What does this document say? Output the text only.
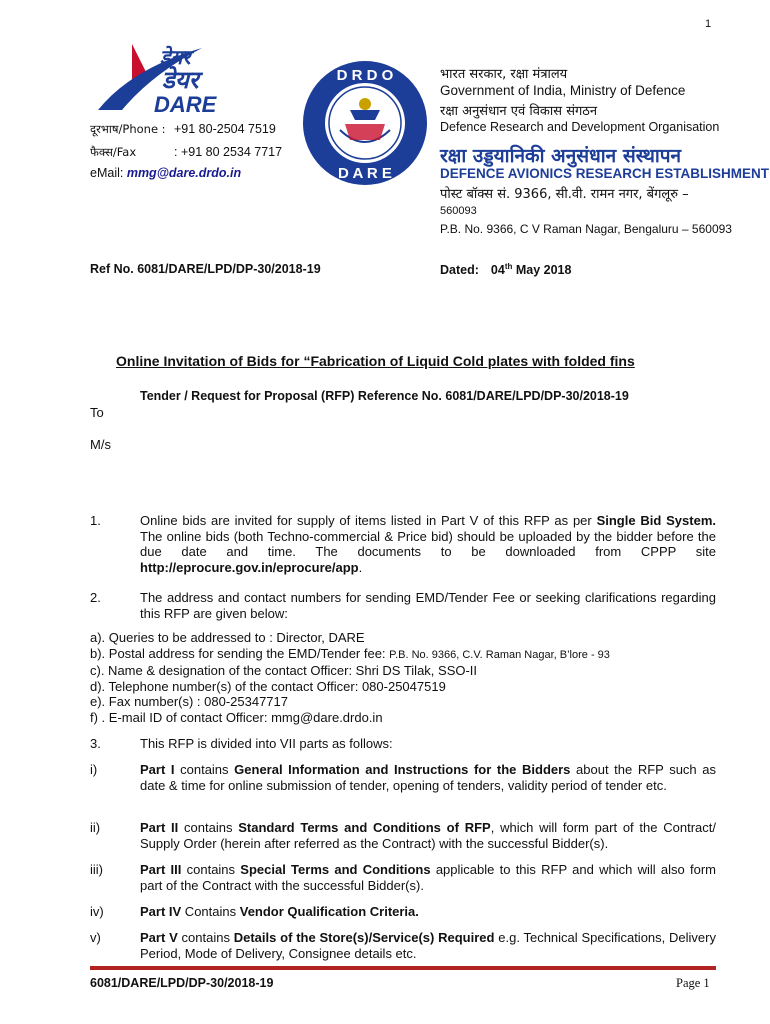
1
डेयर
डेयर
DARE
दूरभाष/Phone : +91 80-2504 7519
फैक्स/Fax	: +91 80 2534 7717
eMail: mmg@dare.drdo.in
D R D O
D A R E
भारत सरकार, रक्षा मंत्रालय
Government of India, Ministry of Defence
रक्षा अनुसंधान एवं विकास संगठन
Defence Research and Development Organisation
रक्षा उड्डयानिकी अनुसंधान संस्थापन
DEFENCE AVIONICS RESEARCH ESTABLISHMENT
पोस्ट बॉक्स सं. 9366, सी.वी. रामन नगर, बेंगलूरु –
560093
P.B. No. 9366, C V Raman Nagar, Bengaluru – 560093
Ref No. 6081/DARE/LPD/DP-30/2018-19	Dated: 04th May 2018
Online Invitation of Bids for “Fabrication of Liquid Cold plates with folded fins
Tender / Request for Proposal (RFP) Reference No. 6081/DARE/LPD/DP-30/2018-19
To
M/s
1.	Online bids are invited for supply of items listed in Part V of this RFP as per Single Bid System. The online bids (both Techno-commercial & Price bid) should be uploaded by the bidder before the due date and time. The documents to be downloaded from CPPP site http://eprocure.gov.in/eprocure/app.
2.	The address and contact numbers for sending EMD/Tender Fee or seeking clarifications regarding this RFP are given below:
a). Queries to be addressed to : Director, DARE
b). Postal address for sending the EMD/Tender fee: P.B. No. 9366, C.V. Raman Nagar, B’lore - 93
c). Name & designation of the contact Officer: Shri DS Tilak, SSO-II
d). Telephone number(s) of the contact Officer: 080-25047519
e). Fax number(s) : 080-25347717
f) . E-mail ID of contact Officer: mmg@dare.drdo.in
3.	This RFP is divided into VII parts as follows:
i)	Part I contains General Information and Instructions for the Bidders about the RFP such as date & time for online submission of tender, opening of tenders, validity period of tender etc.
ii)	Part II contains Standard Terms and Conditions of RFP, which will form part of the Contract/ Supply Order (herein after referred as the Contract) with the successful Bidder(s).
iii)	Part III contains Special Terms and Conditions applicable to this RFP and which will also form part of the Contract with the successful Bidder(s).
iv)	Part IV Contains Vendor Qualification Criteria.
v)	Part V contains Details of the Store(s)/Service(s) Required e.g. Technical Specifications, Delivery Period, Mode of Delivery, Consignee details etc.
6081/DARE/LPD/DP-30/2018-19	Page 1
